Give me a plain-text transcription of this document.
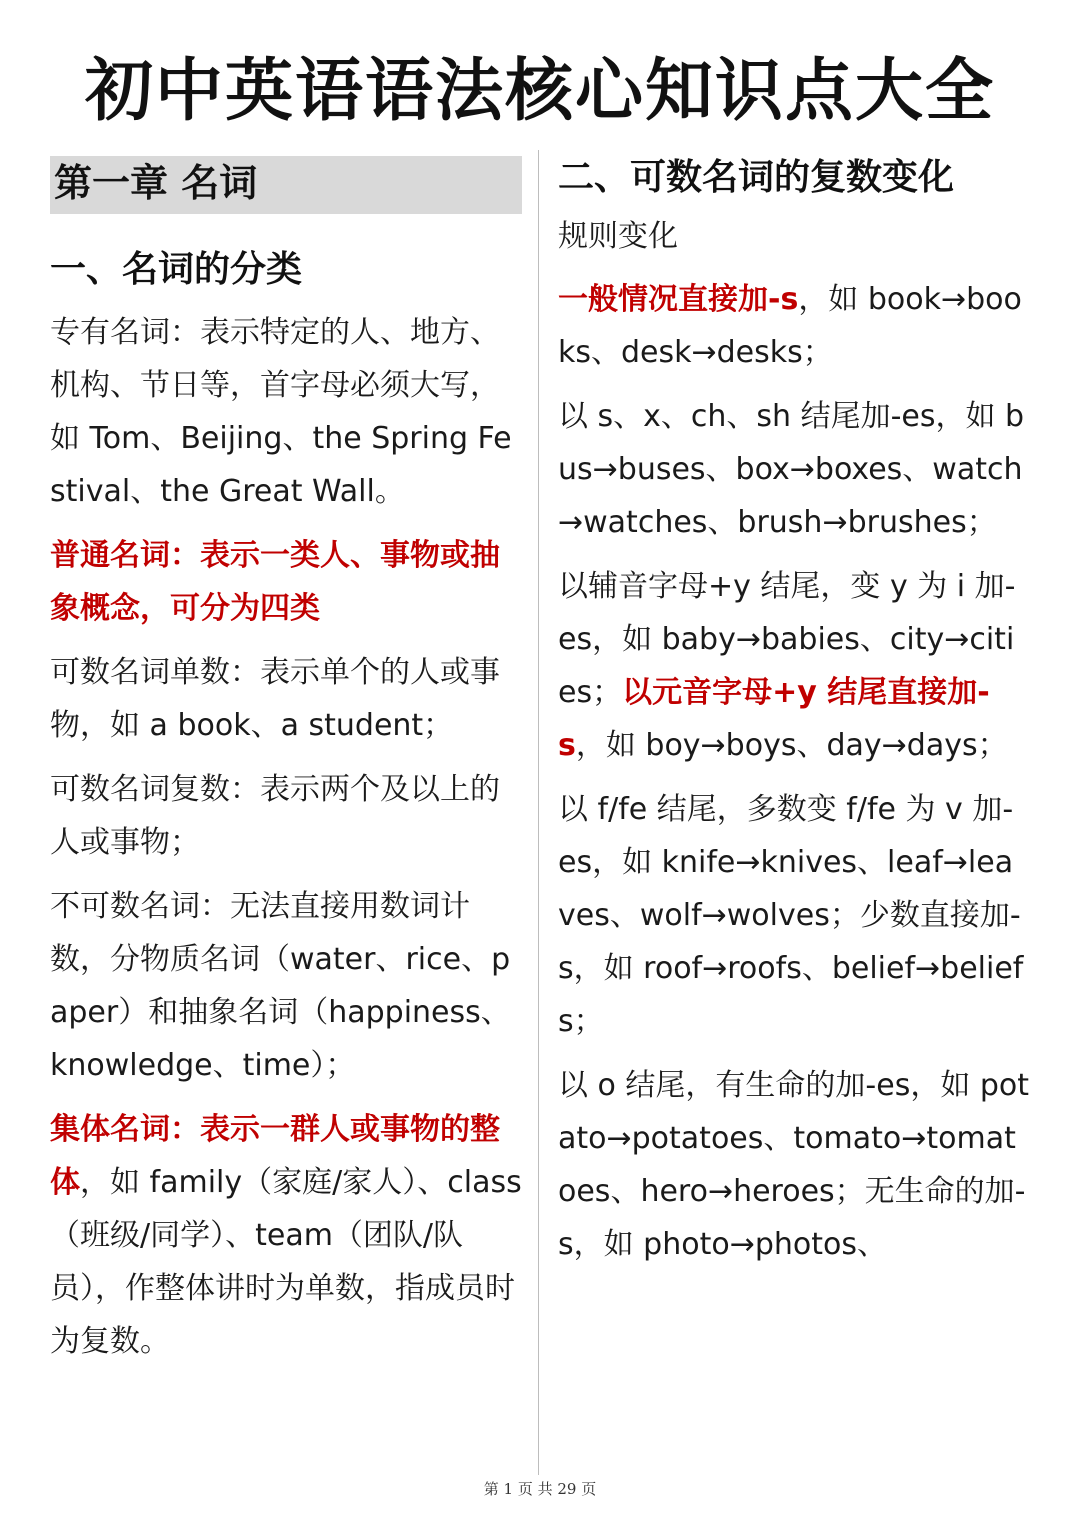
初中英语语法核心知识点大全
第一章 名词
一、名词的分类
专有名词：表示特定的人、地方、机构、节日等，首字母必须大写，如 Tom、Beijing、the Spring Festival、the Great Wall。
普通名词：表示一类人、事物或抽象概念，可分为四类
可数名词单数：表示单个的人或事物，如 a book、a student；
可数名词复数：表示两个及以上的人或事物；
不可数名词：无法直接用数词计数，分物质名词（water、rice、paper）和抽象名词（happiness、knowledge、time）；
集体名词：表示一群人或事物的整体，如 family（家庭/家人）、class（班级/同学）、team（团队/队员），作整体讲时为单数，指成员时为复数。
二、可数名词的复数变化
规则变化
一般情况直接加-s，如 book→books、desk→desks；
以 s、x、ch、sh 结尾加-es，如 bus→buses、box→boxes、watch→watches、brush→brushes；
以辅音字母+y 结尾，变 y 为 i 加-es，如 baby→babies、city→cities；以元音字母+y 结尾直接加-s，如 boy→boys、day→days；
以 f/fe 结尾，多数变 f/fe 为 v 加-es，如 knife→knives、leaf→leaves、wolf→wolves；少数直接加-s，如 roof→roofs、belief→beliefs；
以 o 结尾，有生命的加-es，如 potato→potatoes、tomato→tomatoes、hero→heroes；无生命的加-s，如 photo→photos、
第 1 页 共 29 页
